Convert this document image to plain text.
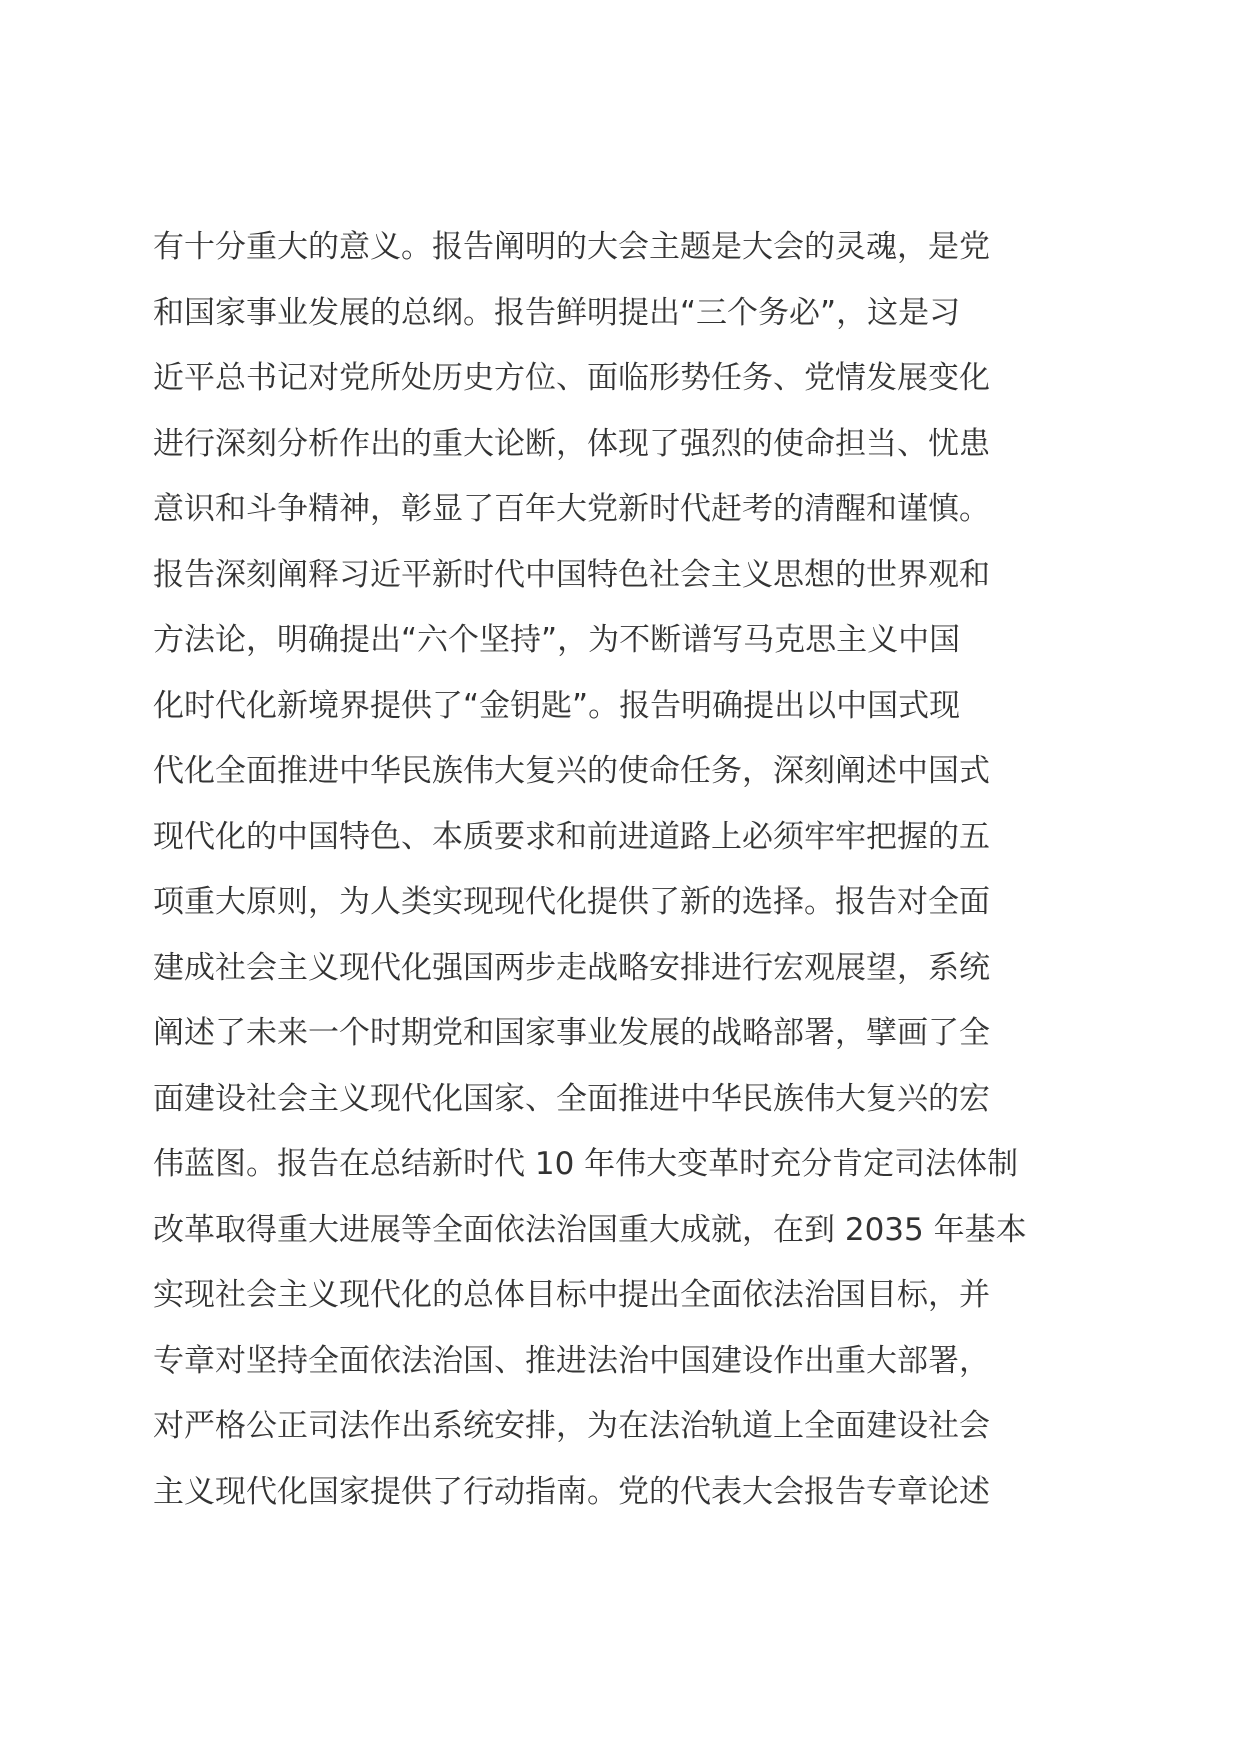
有十分重大的意义。报告阐明的大会主题是大会的灵魂，是党
和国家事业发展的总纲。报告鲜明提出“三个务必”，这是习
近平总书记对党所处历史方位、面临形势任务、党情发展变化
进行深刻分析作出的重大论断，体现了强烈的使命担当、忧患
意识和斗争精神，彰显了百年大党新时代赶考的清醒和谨慎。
报告深刻阐释习近平新时代中国特色社会主义思想的世界观和
方法论，明确提出“六个坚持”，为不断谱写马克思主义中国
化时代化新境界提供了“金钥匙”。报告明确提出以中国式现
代化全面推进中华民族伟大复兴的使命任务，深刻阐述中国式
现代化的中国特色、本质要求和前进道路上必须牢牢把握的五
项重大原则，为人类实现现代化提供了新的选择。报告对全面
建成社会主义现代化强国两步走战略安排进行宏观展望，系统
阐述了未来一个时期党和国家事业发展的战略部署，擘画了全
面建设社会主义现代化国家、全面推进中华民族伟大复兴的宏
伟蓝图。报告在总结新时代 10 年伟大变革时充分肯定司法体制
改革取得重大进展等全面依法治国重大成就，在到 2035 年基本
实现社会主义现代化的总体目标中提出全面依法治国目标，并
专章对坚持全面依法治国、推进法治中国建设作出重大部署，
对严格公正司法作出系统安排，为在法治轨道上全面建设社会
主义现代化国家提供了行动指南。党的代表大会报告专章论述
